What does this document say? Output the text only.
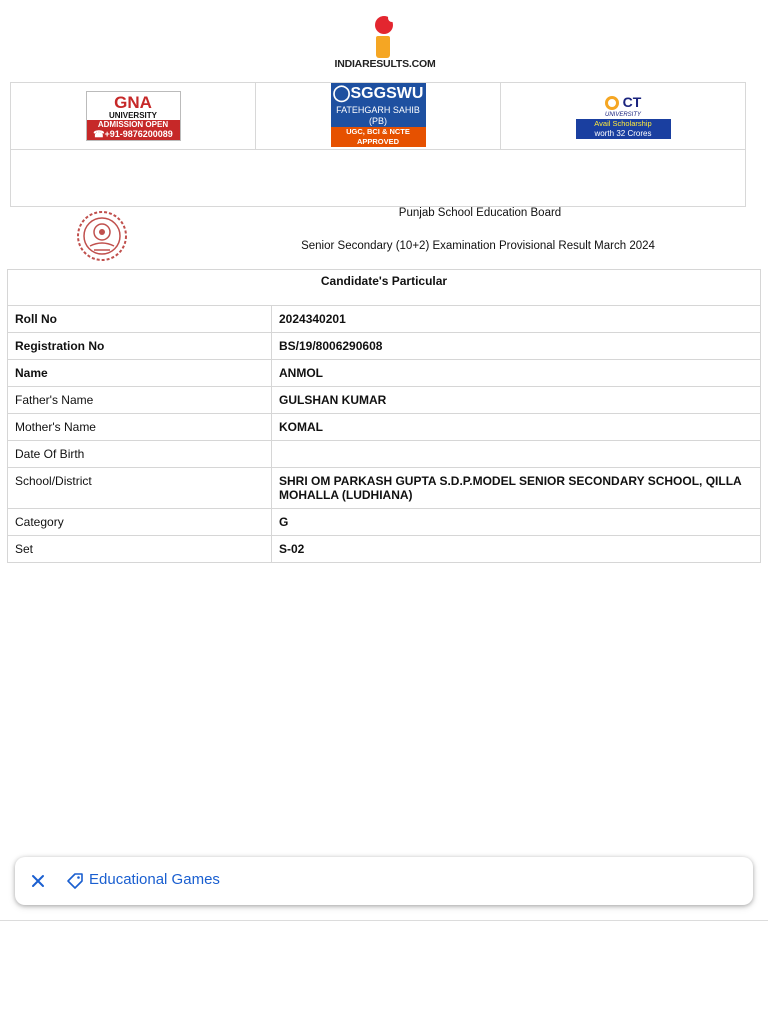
INDIARESULTS.COM
GNA
UNIVERSITY
ADMISSION OPEN
☎+91-9876200089

◯SGGSWU
FATEHGARH SAHIB (PB)
UGC, BCI & NCTE APPROVED

CT
UNIVERSITY
Avail Scholarship
worth 32 Crores

Punjab School Education Board
Senior Secondary (10+2) Examination Provisional Result March 2024
Candidate's Particular	
Roll No	2024340201
Registration No	BS/19/8006290608
Name	ANMOL
Father's Name	GULSHAN KUMAR
Mother's Name	KOMAL
Date Of Birth	
School/District	SHRI OM PARKASH GUPTA S.D.P.MODEL SENIOR SECONDARY SCHOOL, QILLA MOHALLA (LUDHIANA)
Category	G
Set	S-02
Educational Games
